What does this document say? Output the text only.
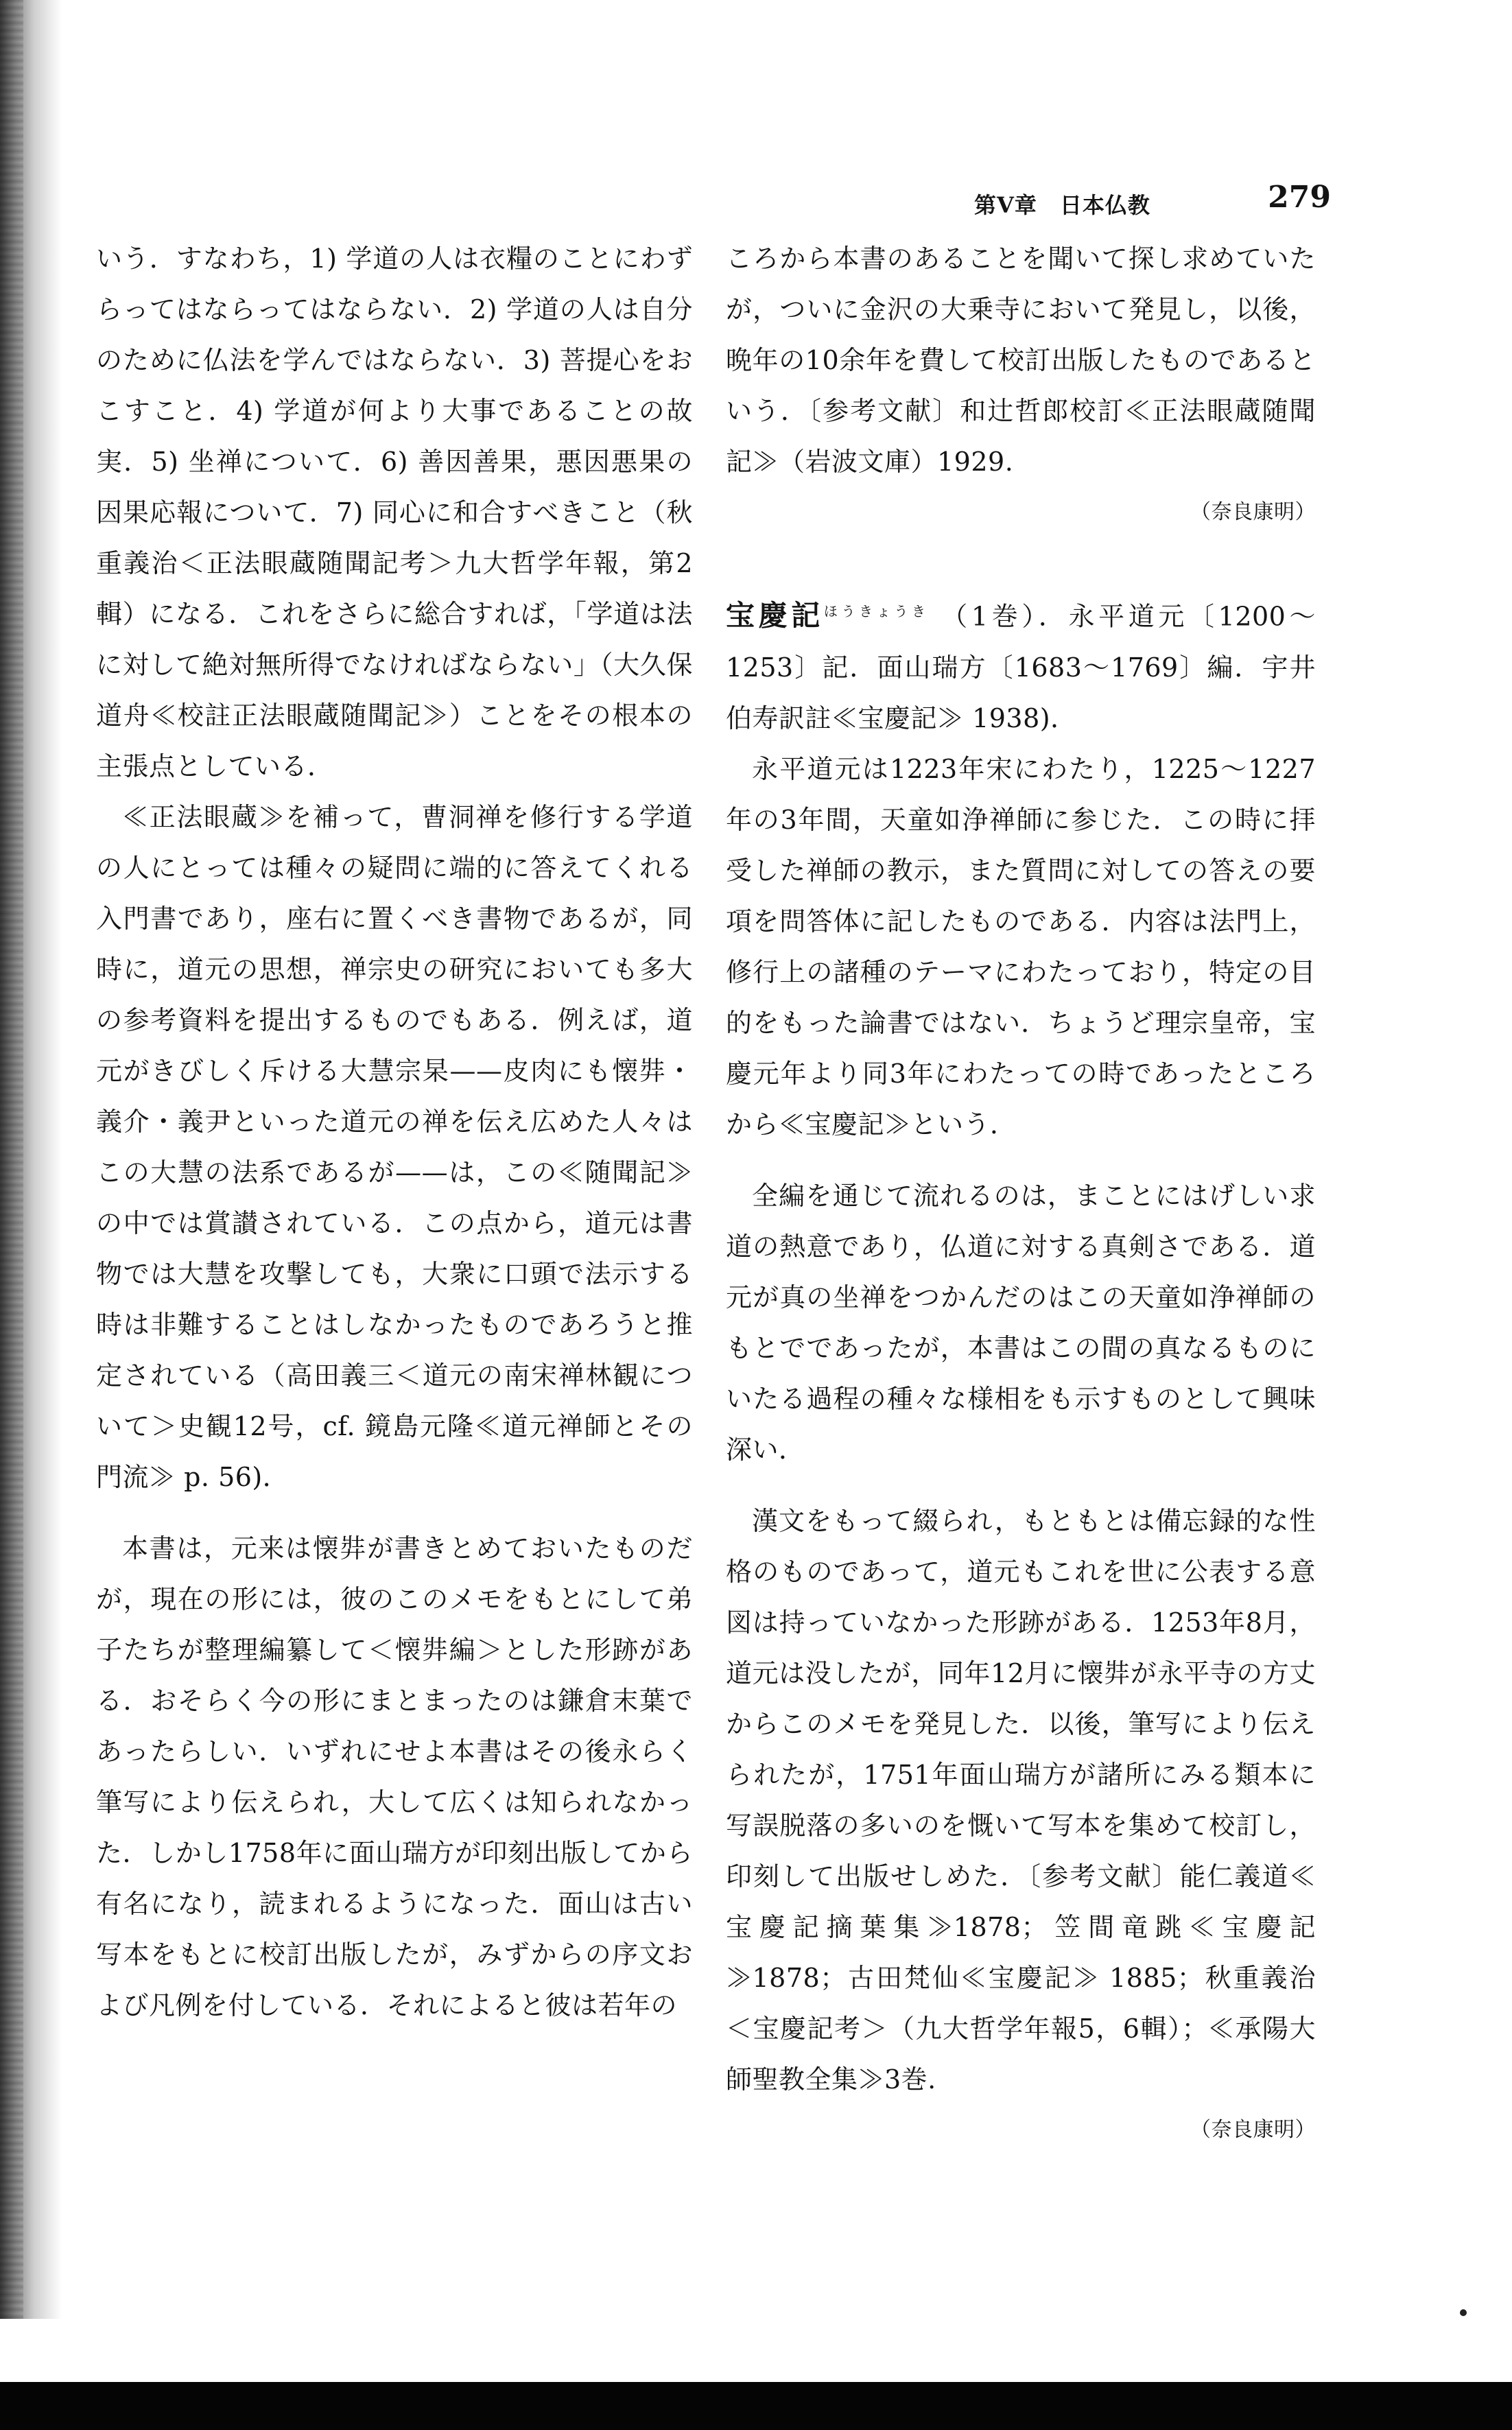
第Ⅴ章　日本仏教	279

いう．すなわち，1) 学道の人は衣糧のことにわずらってはならってはならない．2) 学道の人は自分のために仏法を学んではならない．3) 菩提心をおこすこと．4) 学道が何より大事であることの故実．5) 坐禅について．6) 善因善果，悪因悪果の因果応報について．7) 同心に和合すべきこと（秋重義治＜正法眼蔵随聞記考＞九大哲学年報，第2輯）になる．これをさらに総合すれば，「学道は法に対して絶対無所得でなければならない」（大久保道舟≪校註正法眼蔵随聞記≫）ことをその根本の主張点としている．

≪正法眼蔵≫を補って，曹洞禅を修行する学道の人にとっては種々の疑問に端的に答えてくれる入門書であり，座右に置くべき書物であるが，同時に，道元の思想，禅宗史の研究においても多大の参考資料を提出するものでもある．例えば，道元がきびしく斥ける大慧宗杲——皮肉にも懐弉・義介・義尹といった道元の禅を伝え広めた人々はこの大慧の法系であるが——は，この≪随聞記≫の中では賞讃されている．この点から，道元は書物では大慧を攻撃しても，大衆に口頭で法示する時は非難することはしなかったものであろうと推定されている（高田義三＜道元の南宋禅林観について＞史観12号，cf. 鏡島元隆≪道元禅師とその門流≫ p. 56)．

本書は，元来は懐弉が書きとめておいたものだが，現在の形には，彼のこのメモをもとにして弟子たちが整理編纂して＜懐弉編＞とした形跡がある．おそらく今の形にまとまったのは鎌倉末葉であったらしい．いずれにせよ本書はその後永らく筆写により伝えられ，大して広くは知られなかった．しかし1758年に面山瑞方が印刻出版してから有名になり，読まれるようになった．面山は古い写本をもとに校訂出版したが，みずからの序文および凡例を付している．それによると彼は若年の

ころから本書のあることを聞いて探し求めていたが，ついに金沢の大乗寺において発見し，以後，晩年の10余年を費して校訂出版したものであるという．〔参考文献〕和辻哲郎校訂≪正法眼蔵随聞記≫（岩波文庫）1929.

（奈良康明）

宝慶記$^{ほうきょうき}$ （1巻）．永平道元〔1200～1253〕記．面山瑞方〔1683～1769〕編．宇井伯寿訳註≪宝慶記≫ 1938)．

永平道元は1223年宋にわたり，1225～1227年の3年間，天童如浄禅師に参じた．この時に拝受した禅師の教示，また質問に対しての答えの要項を問答体に記したものである．内容は法門上，修行上の諸種のテーマにわたっており，特定の目的をもった論書ではない．ちょうど理宗皇帝，宝慶元年より同3年にわたっての時であったところから≪宝慶記≫という．

全編を通じて流れるのは，まことにはげしい求道の熱意であり，仏道に対する真剣さである．道元が真の坐禅をつかんだのはこの天童如浄禅師のもとでであったが，本書はこの間の真なるものにいたる過程の種々な様相をも示すものとして興味深い．

漢文をもって綴られ，もともとは備忘録的な性格のものであって，道元もこれを世に公表する意図は持っていなかった形跡がある．1253年8月，道元は没したが，同年12月に懐弉が永平寺の方丈からこのメモを発見した．以後，筆写により伝えられたが，1751年面山瑞方が諸所にみる類本に写誤脱落の多いのを慨いて写本を集めて校訂し，印刻して出版せしめた．〔参考文献〕能仁義道≪宝慶記摘葉集≫1878；笠間竜跳≪宝慶記≫1878；古田梵仙≪宝慶記≫ 1885；秋重義治＜宝慶記考＞（九大哲学年報5，6輯）；≪承陽大師聖教全集≫3巻.

（奈良康明）
